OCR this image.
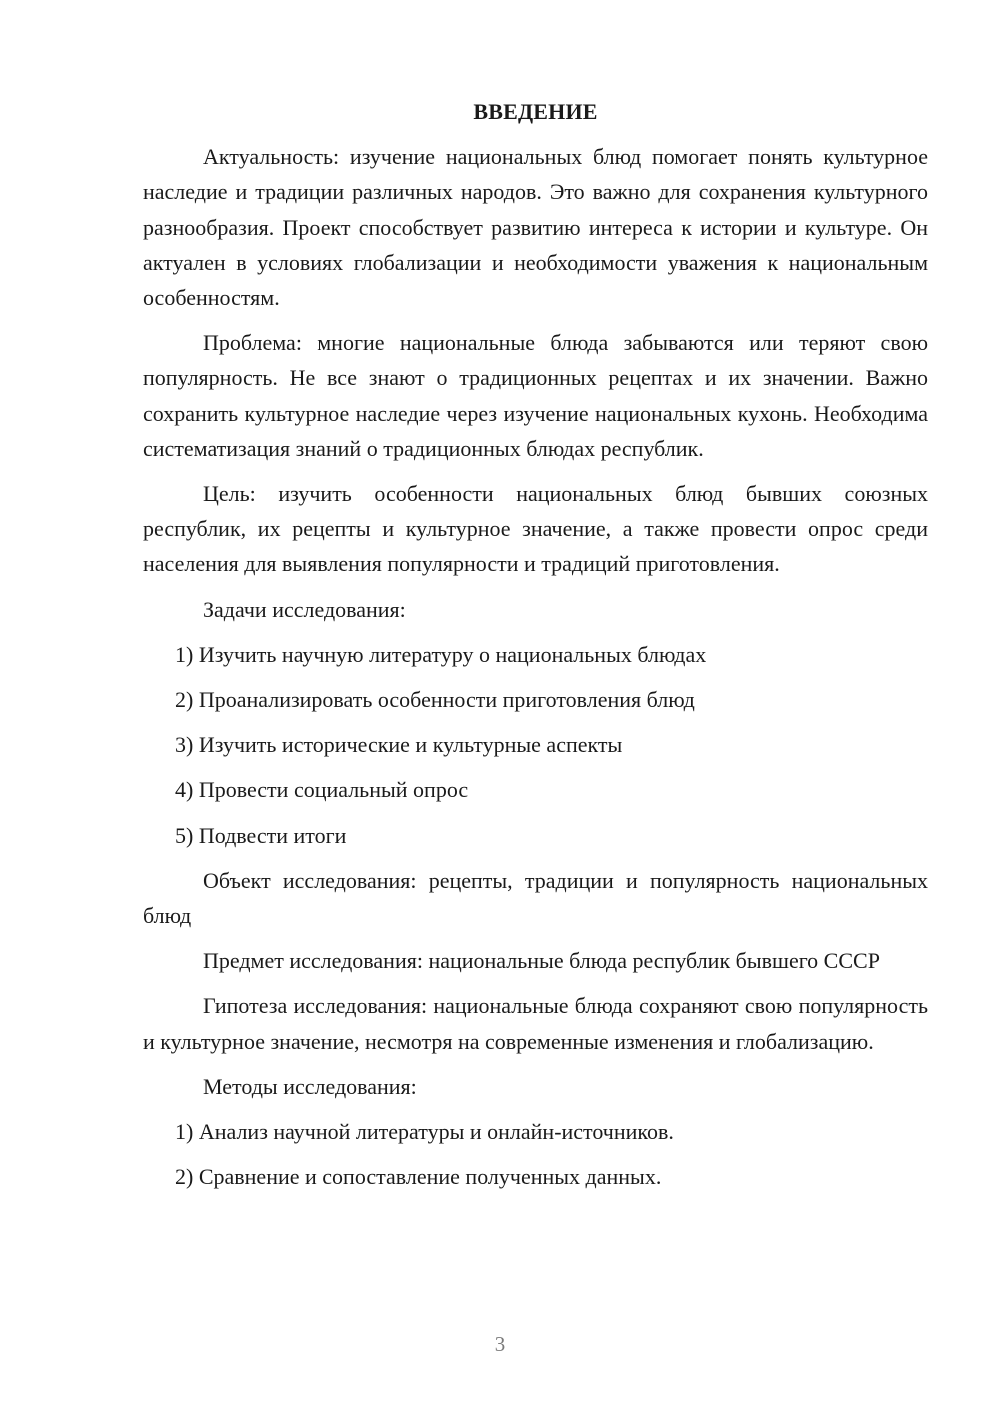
ВВЕДЕНИЕ

Актуальность: изучение национальных блюд помогает понять культурное наследие и традиции различных народов. Это важно для сохранения культурного разнообразия. Проект способствует развитию интереса к истории и культуре. Он актуален в условиях глобализации и необходимости уважения к национальным особенностям.

Проблема: многие национальные блюда забываются или теряют свою популярность. Не все знают о традиционных рецептах и их значении. Важно сохранить культурное наследие через изучение национальных кухонь. Необходима систематизация знаний о традиционных блюдах республик.

Цель: изучить особенности национальных блюд бывших союзных республик, их рецепты и культурное значение, а также провести опрос среди населения для выявления популярности и традиций приготовления.

Задачи исследования:

1) Изучить научную литературу о национальных блюдах

2) Проанализировать особенности приготовления блюд

3) Изучить исторические и культурные аспекты

4) Провести социальный опрос

5) Подвести итоги

Объект исследования: рецепты, традиции и популярность национальных блюд

Предмет исследования: национальные блюда республик бывшего СССР

Гипотеза исследования: национальные блюда сохраняют свою популярность и культурное значение, несмотря на современные изменения и глобализацию.

Методы исследования:

1) Анализ научной литературы и онлайн-источников.

2) Сравнение и сопоставление полученных данных.

3
